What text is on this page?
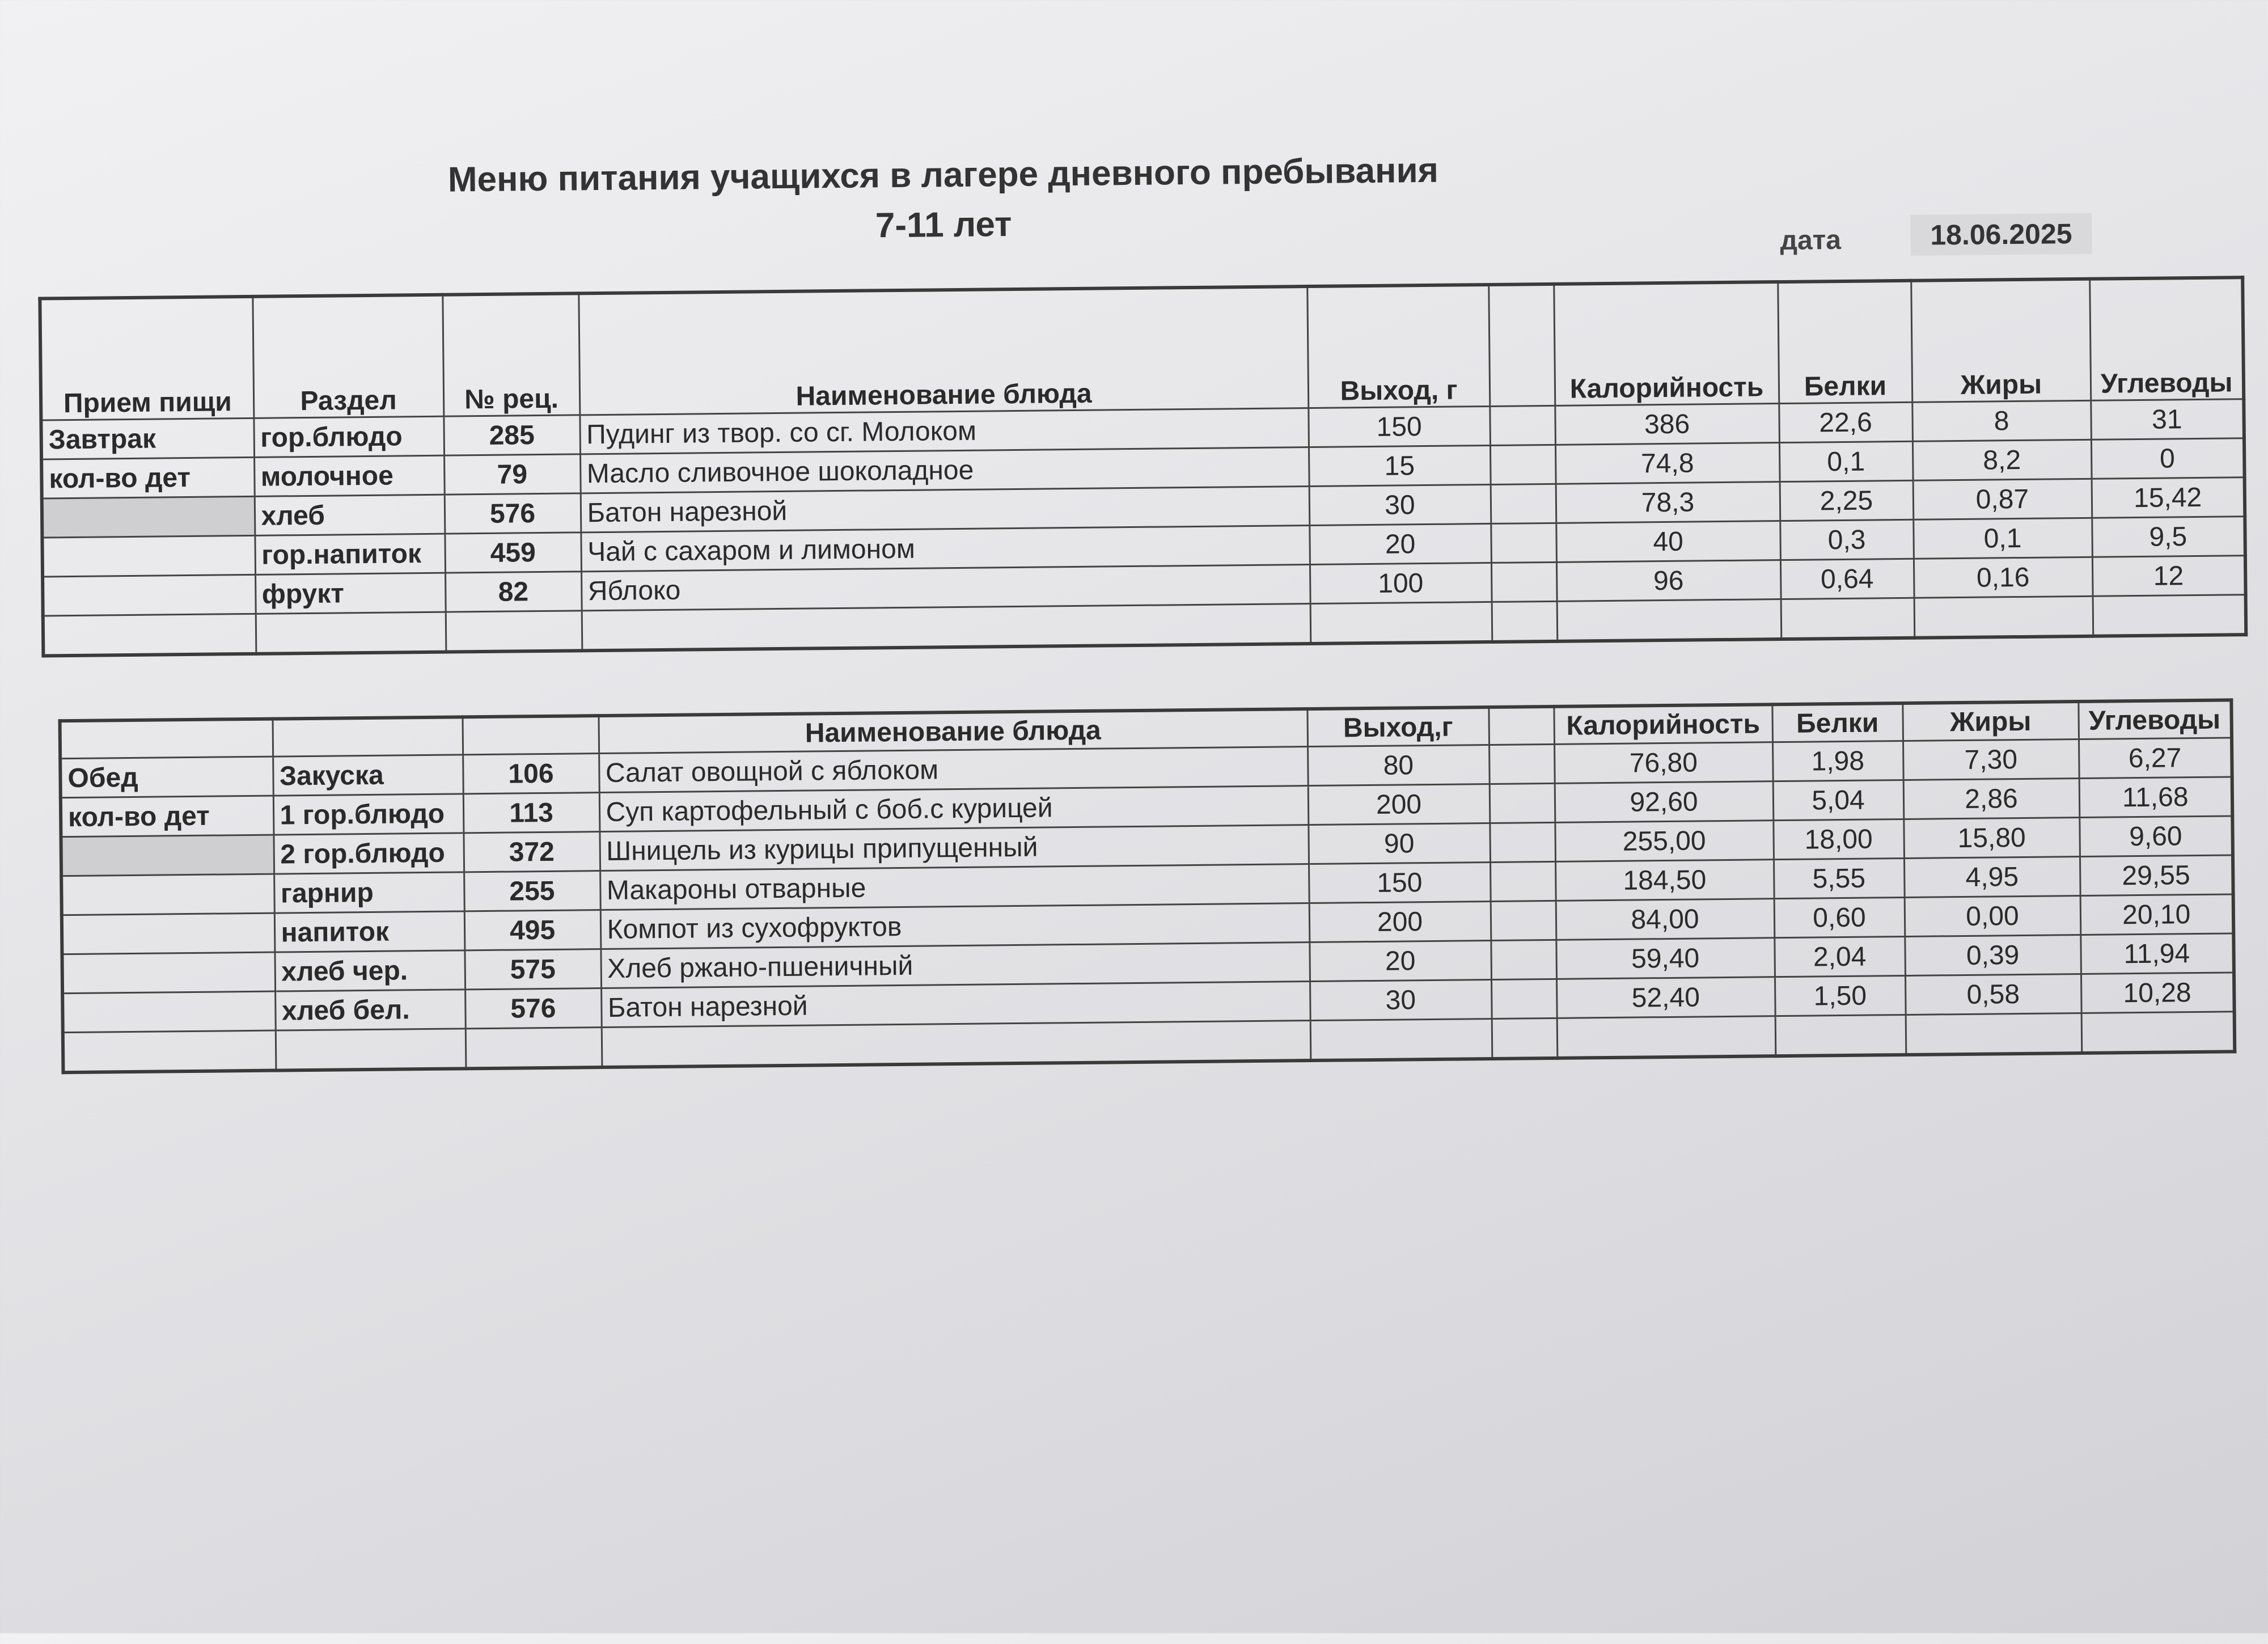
Меню питания учащихся в лагере дневного пребывания
7-11 лет	дата	18.06.2025
Прием пищи	Раздел	№ рец.	Наименование блюда	Выход, г		Калорийность	Белки	Жиры	Углеводы
Завтрак	гор.блюдо	285	Пудинг из твор. со сг. Молоком	150		386	22,6	8	31
кол-во дет	молочное	79	Масло сливочное шоколадное	15		74,8	0,1	8,2	0
	хлеб	576	Батон нарезной	30		78,3	2,25	0,87	15,42
	гор.напиток	459	Чай с сахаром и лимоном	20		40	0,3	0,1	9,5
	фрукт	82	Яблоко	100		96	0,64	0,16	12

			Наименование блюда	Выход,г		Калорийность	Белки	Жиры	Углеводы
Обед	Закуска	106	Салат овощной с яблоком	80		76,80	1,98	7,30	6,27
кол-во дет	1 гор.блюдо	113	Суп картофельный с боб.с курицей	200		92,60	5,04	2,86	11,68
	2 гор.блюдо	372	Шницель из курицы припущенный	90		255,00	18,00	15,80	9,60
	гарнир	255	Макароны отварные	150		184,50	5,55	4,95	29,55
	напиток	495	Компот из сухофруктов	200		84,00	0,60	0,00	20,10
	хлеб чер.	575	Хлеб ржано-пшеничный	20		59,40	2,04	0,39	11,94
	хлеб бел.	576	Батон нарезной	30		52,40	1,50	0,58	10,28
